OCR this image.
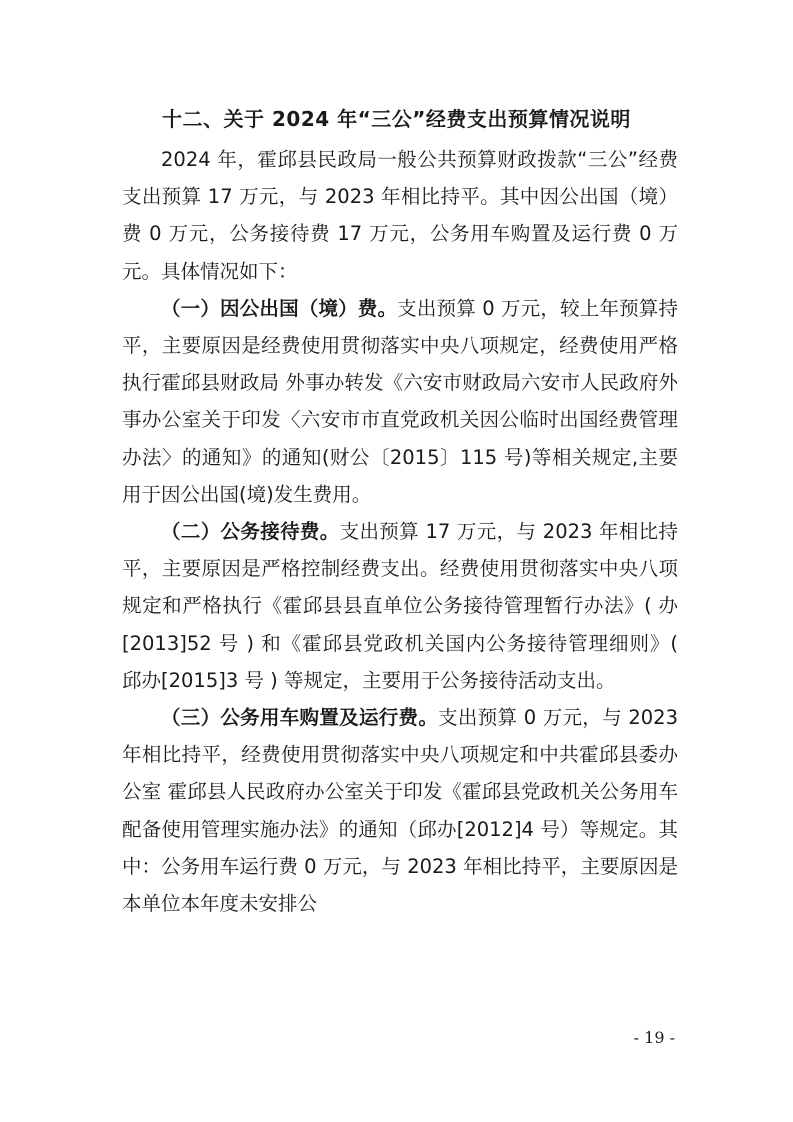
十二、关于 2024 年“三公”经费支出预算情况说明

2024 年，霍邱县民政局一般公共预算财政拨款“三公”经费支出预算 17 万元，与 2023 年相比持平。其中因公出国（境）费 0 万元，公务接待费 17 万元，公务用车购置及运行费 0 万元。具体情况如下：

（一）因公出国（境）费。支出预算 0 万元，较上年预算持平，主要原因是经费使用贯彻落实中央八项规定，经费使用严格执行霍邱县财政局 外事办转发《六安市财政局六安市人民政府外事办公室关于印发〈六安市市直党政机关因公临时出国经费管理办法〉的通知》的通知(财公〔2015〕115 号)等相关规定,主要用于因公出国(境)发生费用。

（二）公务接待费。支出预算 17 万元，与 2023 年相比持平，主要原因是严格控制经费支出。经费使用贯彻落实中央八项规定和严格执行《霍邱县县直单位公务接待管理暂行办法》( 办[2013]52 号 ) 和《霍邱县党政机关国内公务接待管理细则》( 邱办[2015]3 号 ) 等规定，主要用于公务接待活动支出。

（三）公务用车购置及运行费。支出预算 0 万元，与 2023 年相比持平，经费使用贯彻落实中央八项规定和中共霍邱县委办公室 霍邱县人民政府办公室关于印发《霍邱县党政机关公务用车配备使用管理实施办法》的通知（邱办[2012]4 号）等规定。其中：公务用车运行费 0 万元，与 2023 年相比持平，主要原因是本单位本年度未安排公

- 19 -
